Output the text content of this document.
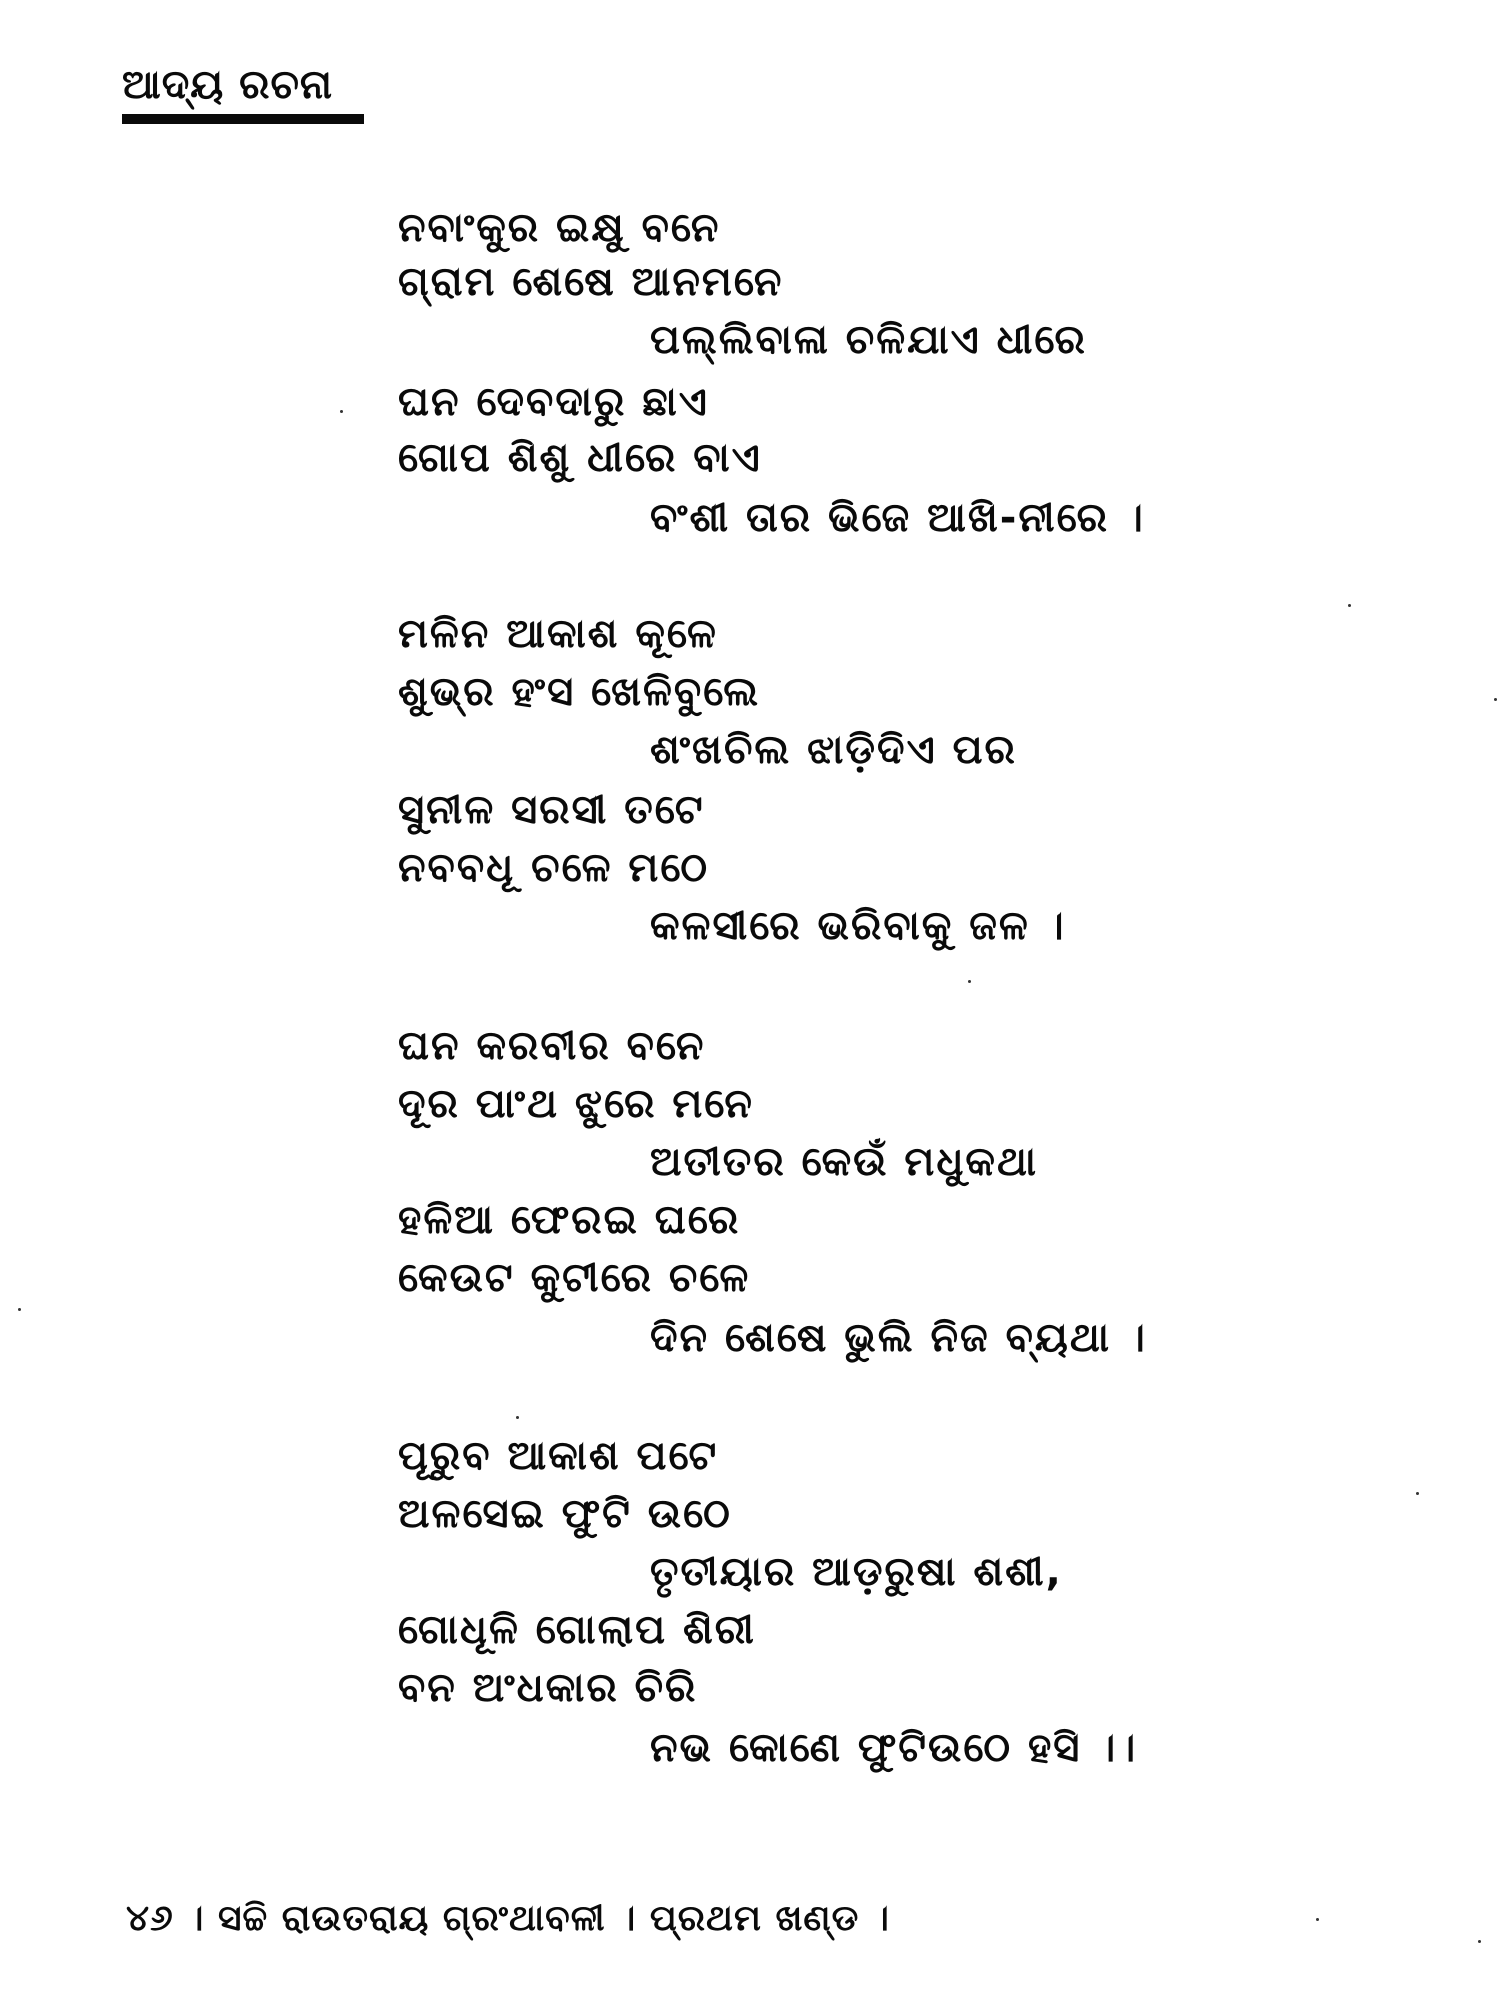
ଆଦ୍ୟ ରଚନା
ନବାଂକୁର ଇକ୍ଷୁ ବନେ
ଗ୍ରାମ ଶେଷେ ଆନମନେ
ପଲ୍ଲିବାଳା ଚଳିଯାଏ ଧୀରେ
ଘନ ଦେବଦାରୁ ଛାଏ
ଗୋପ ଶିଶୁ ଧୀରେ ବାଏ
ବଂଶୀ ତାର ଭିଜେ ଆଖି-ନୀରେ ।
ମଳିନ ଆକାଶ କୂଳେ
ଶୁଭ୍ର ହଂସ ଖେଳିବୁଲେ
ଶଂଖଚିଲ ଝାଡ଼ିଦିଏ ପର
ସୁନୀଳ ସରସୀ ତଟେ
ନବବଧୂ ଚଳେ ମଠେ
କଳସୀରେ ଭରିବାକୁ ଜଳ ।
ଘନ କରବୀର ବନେ
ଦୂର ପାଂଥ ଝୁରେ ମନେ
ଅତୀତର କେଉଁ ମଧୁକଥା
ହଳିଆ ଫେରଇ ଘରେ
କେଉଟ କୁଟୀରେ ଚଳେ
ଦିନ ଶେଷେ ଭୁଲି ନିଜ ବ୍ୟଥା ।
ପୂରୁବ ଆକାଶ ପଟେ
ଅଳସେଇ ଫୁଟି ଉଠେ
ତୃତୀୟାର ଆଡ଼ରୁଷା ଶଶୀ,
ଗୋଧୂଳି ଗୋଲାପ ଶିରୀ
ବନ ଅଂଧକାର ଚିରି
ନଭ କୋଣେ ଫୁଟିଉଠେ ହସି ।।
୪୬ । ସଚ୍ଚି ରାଉତରାୟ ଗ୍ରଂଥାବଳୀ । ପ୍ରଥମ ଖଣ୍ଡ ।
